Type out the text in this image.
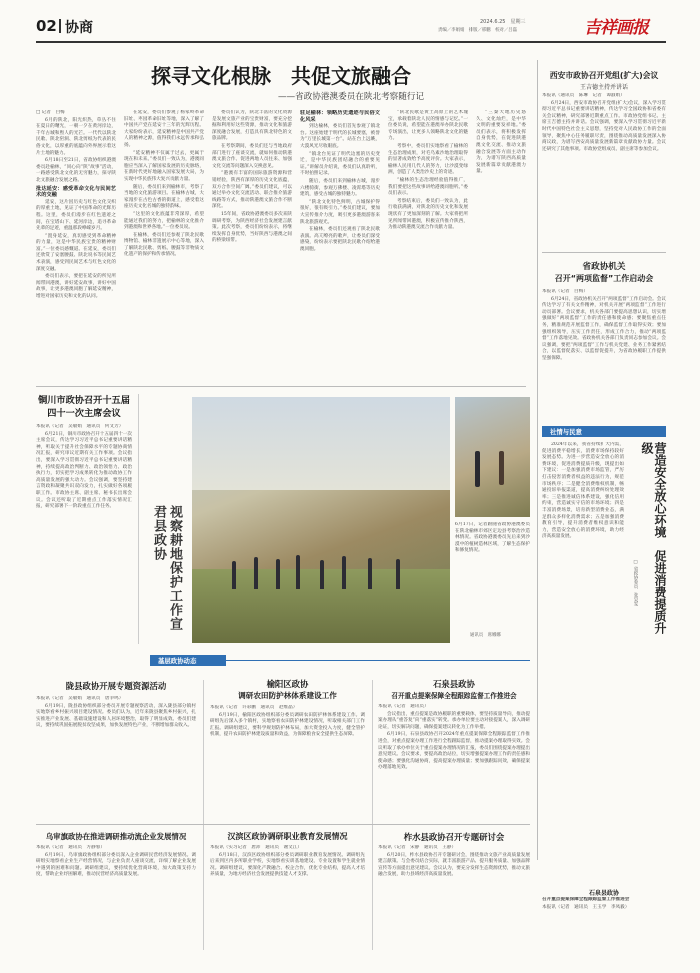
02 协商	2024.6.25　星期三
责编／李娟娟　排版／邢鹏　校对／吕磊	吉祥画报
探寻文化根脉　共促文旅融合
——省政协港澳委员在陕北考察随行记

□ 记者　白梅

6月的陕北，阳光炽热，草丛不住在夏日的曙光，一朝一夕在黄河岸边，千年古城和煦人的光芒。一代代以陕北民歌、陕北窑洞、陕北剪纸为代表的民俗文化，以厚重的底蕴向外界展示着这片土地的魅力。

6月18日至21日，省政协组织港澳委员赴榆林，“同心向“陕”故事”活动，一路感受陕北文化的无穷魅力，探寻陕北文旅融合发展之路。

批达延安：感受革命文化与民间艺术的交融

延安，这片因历史与红色文化交织的厚重土地，见证了中国革命的光辉历程。这里，委员们漫步在红色遗迹之间，在宝塔山下、延河岸边，追寻革命先辈的足迹，重温那段峥嵘岁月。

“置身延安，真切感受到革命精神的力量，这是中华民族宝贵的精神财富。”一位委员感慨道。在延安，委员们还欣赏了安塞腰鼓、陕北说书等民间艺术表演，感受到民间艺术与红色文化的深度交融。

委员们表示，要把在延安的所见所闻带回港澳，讲好延安故事，讲好中国故事，让更多港澳同胞了解延安精神，增进对国家历史和文化的认同。

在延安，委员们参观了杨家岭革命旧址、枣园革命旧址等地，深入了解了中国共产党在延安十三年的光辉历程。大家纷纷表示，延安精神是中国共产党人的精神之源，值得我们永远传承和弘扬。

“延安精神不仅属于过去，更属于现在和未来。”委员们一致认为，港澳同胞应当深入了解国家发展的历史脉络，在新时代更好地融入国家发展大局，为实现中华民族伟大复兴贡献力量。

随后，委员们来到榆林市，考察了当地的文化旅游项目。在榆林古城，大家漫步在古色古香的街道上，感受着这座历史文化名城的独特韵味。

“这里的文化底蕴非常深厚，希望能通过我们的努力，把榆林的文化推介到港澳和世界各地。”一位委员说。

在榆林，委员们还参观了陕北民歌博物馆、榆林非遗展示中心等地，深入了解陕北民歌、剪纸、腰鼓等非物质文化遗产的保护和传承情况。

委员们认为，陕北丰富的文化资源是发展文旅产业的宝贵财富，要充分挖掘和利用好这些资源，推动文化和旅游深度融合发展，打造具有陕北特色的文旅品牌。

在考察期间，委员们还与当地政府部门进行了座谈交流，就如何推动陕港澳文旅合作、促进两地人员往来、加强文化交流等问题深入交换意见。

“港澳有丰富的国际旅游资源和营销经验，陕西有深厚的历史文化底蕴，双方合作空间广阔。”委员们建议，可以通过举办文化交流活动、联合推介旅游线路等方式，推动陕港澳文旅合作不断深化。

15年间，省政协港澳委员多次来陕调研考察，为陕西经济社会发展建言献策。此次考察，委员们纷纷表示，将继续发挥自身优势，当好陕西与港澳之间的桥梁纽带。

驻足榆林：领略历史遗迹与民俗文化风采

到达榆林，委员们首先参观了镇北台。这座始建于明代的长城要塞，被誉为“万里长城第一台”。站在台上远眺，大漠风光尽收眼底。

“镇北台见证了明代边塞的历史变迁，是中华民族团结融合的重要见证。”讲解员介绍说，委员们认真聆听，不时拍照记录。

随后，委员们来到榆林古城，漫步六楼骑街，参观万佛楼、凌霄塔等历史建筑，感受古城的独特魅力。

“陕北文化特色鲜明，古城保护得很好，很有吸引力。”委员们建议，要加大宣传推介力度，吸引更多港澳游客来陕北旅游观光。

在榆林，委员们还观看了陕北民歌表演。高亢嘹亮的歌声，让委员们深受感染，纷纷表示要把陕北民歌介绍给港澳同胞。

“陕北民歌是黄土高原上的艺术瑰宝，承载着陕北人民的情感与记忆。”一位委员说，希望能在港澳举办陕北民歌专场演出，让更多人领略陕北文化的魅力。

考察中，委员们实地察看了榆林的生态治理成果，对毛乌素沙地治理取得的显著成效给予高度评价。大家表示，榆林人民用几代人的努力，让沙漠变绿洲，创造了人类治沙史上的奇迹。

“榆林的生态治理经验值得推广，我们要把这些故事讲给港澳同胞听。”委员们表示。

考察结束后，委员们一致认为，此行收获满满，对陕北的历史文化和发展现状有了更加深刻的了解。大家将把所见所闻带回港澳，积极宣传推介陕西，为推动陕港澳交流合作贡献力量。

“三秦大地历史悠久、文化灿烂，是中华文明的重要发祥地。”委员们表示，将积极发挥自身优势，在促进陕港澳文化交流、推动文旅融合发展等方面主动作为，为谱写陕西高质量发展新篇章贡献港澳力量。

铜川市政协召开十五届四十一次主席会议

本报讯（记者　吴敏娟　通讯员　何文芳）

6月21日，铜川市政协召开十五届四十一次主席会议，传达学习习近平总书记重要讲话精神，听取关于提升社会保障水平的专题协商情况汇报，研究审议近期有关工作事项。会议指出，要深入学习贯彻习近平总书记重要讲话精神，持续提高政治判断力、政治领悟力、政治执行力，切实把学习成果转化为推动政协工作高质量发展的强大动力。会议强调，要坚持建言资政和凝聚共识双向发力，扎实做好各项履职工作。市政协主席、副主席、秘书长出席会议。会议还听取了近期重点工作落实情况汇报，研究部署下一阶段重点工作任务。	视察耕地保护工作宣君县政协	6月17日，记者跟随省政协港澳委员在陕北榆林市郊区定边县考察治沙造林情况。省政协港澳委员先后来到沙漠中的植树造林区域，了解生态保护和修复情况。

通讯员　席娜娜
西安市政协召开党组(扩大)会议
王吉德主持并讲话

本报讯（通讯员　陈琳　记者　谭淑娟）

6月24日，西安市政协召开党组(扩大)会议，深入学习贯彻习近平总书记重要讲话精神，传达学习全国政协和省委有关会议精神，研究部署近期重点工作。市政协党组书记、主席王吉德主持并讲话。会议强调，要深入学习贯彻习近平新时代中国特色社会主义思想，坚持党对人民政协工作的全面领导，聚焦中心任务履职尽责，围绕推动高质量发展深入协商议政，为谱写西安高质量发展新篇章贡献政协力量。会议还研究了其他事项。市政协党组成员、副主席等参加会议。

省政协机关
召开“两项监督”工作启动会

本报讯（记者　白梅）

6月24日，省政协机关召开“两项监督”工作启动会。会议传达学习了有关文件精神，对机关开展“两项监督”工作进行动员部署。会议要求，机关各部门要提高思想认识，切实增强做好“两项监督”工作的责任感和使命感；要聚焦重点任务，精准规范开展监督工作，确保监督工作取得实效；要加强组织领导，压实工作责任，形成工作合力，推动“两项监督”工作落地见效。省政协机关各部门负责同志参加会议。会议强调，要把“两项监督”工作与机关党建、业务工作紧密结合，以监督促落实、以监督促提升，为省政协履职工作提供坚强保障。

社情与民意
营造安全放心环境　促进消费提质升级
□ 省政协委员　张昊雯

2024年以来，我省持续扩大内需，促进消费平稳增长，消费市场保持较好发展态势。为进一步营造安全放心的消费环境，促进消费提质升级，现提出如下建议：一是加强消费市场监管，严厉打击侵害消费者权益的违法行为，规范市场秩序；二是健全消费维权机制，畅通投诉举报渠道，提高消费纠纷处理效率；三是推进诚信体系建设，强化信用约束，营造诚实守信的市场环境；四是丰富消费场景，培育新型消费业态，满足群众多样化消费需求；五是加强消费教育引导，提升消费者维权意识和能力，营造安全放心的消费环境，助力经济高质量发展。

基层政协动态
陇县政协开展专题资源活动

本报讯（记者　吴敏娟　通讯员　唐争鸣）

6月19日，陇县政协组织部分委员开展专题视察活动，深入陇县部分镇村实地察看乡村振兴项目建设情况。委员们认为，近年来陇县聚焦乡村振兴，扎实推进产业发展、基础设施建设和人居环境整治，取得了明显成效。委员们建议，要持续巩固拓展脱贫攻坚成果，加快发展特色产业，不断增加群众收入。

榆阳区政协
调研农田防护林体系建设工作

本报讯（记者　许彩鹏　通讯员　赵维晶）

6月19日，榆阳区政协组织部分委员调研农田防护林体系建设工作。调研组先后深入多个镇村，实地察看农田防护林建设情况，听取相关部门工作汇报。调研组建议，要科学规划防护林布局，加大资金投入力度，健全管护机制，提升农田防护林建设质量和效益，为保障粮食安全提供生态屏障。

石泉县政协
召开重点提案保障全程跟踪监督工作推进会

本报讯（记者　通讯员）

会议指出，重点提案是政协履职的重要载体，要坚持质量导向，推动提案办理从“重答复”向“重落实”转变。承办单位要主动对接提案人，深入调研论证，切实解决问题，确保提案建议转化为工作举措。

6月19日，石泉县政协召开2024年重点提案保障全程跟踪监督工作推进会，对重点提案办理工作进行全程跟踪监督，推动提案办理取得实效。会议听取了承办单位关于重点提案办理情况的汇报，委员们围绕提案办理提出意见建议。会议要求，要提高政治站位，切实增强提案办理工作的责任感和使命感；要强化沟通协商，提高提案办理质量；要加强跟踪问效，确保提案办理落地见效。

乌审旗政协在推进调研推动流企业发展情况

本报讯（记者　通讯员　方静蓉）

6月19日，乌审旗政协组织部分委员深入企业调研民营经济发展情况。调研组实地察看企业生产经营情况，与企业负责人座谈交流，详细了解企业发展中遇到的困难和问题。调研组建议，要持续优化营商环境，加大政策支持力度，帮助企业纾困解难，推动民营经济高质量发展。

汉滨区政协调研职业教育发展情况

本报讯（实习记者　唐沛　通讯员　谢文江）

6月18日，汉滨区政协组织部分委员调研职业教育发展情况。调研组先后来到区内多所职业学校，实地察看实训基地建设、专业设置和学生就业情况。调研组建议，要深化产教融合、校企合作，优化专业结构，提高人才培养质量，为地方经济社会发展提供技能人才支撑。

柞水县政协召开专题研讨会

本报讯（记者　宋静　通讯员　王静）

6月20日，柞水县政协召开专题研讨会，围绕推动文旅产业高质量发展建言献策。与会委员结合实际，就丰富旅游产品、提升服务质量、加强品牌宣传等方面提出意见建议。会议认为，要充分发挥生态资源优势，推动文旅融合发展，助力县域经济高质量发展。

石泉县政协

召开重点提案保障全程跟踪监督工作推进会

本报讯（记者　通讯员　王玉学　李凤毅）
